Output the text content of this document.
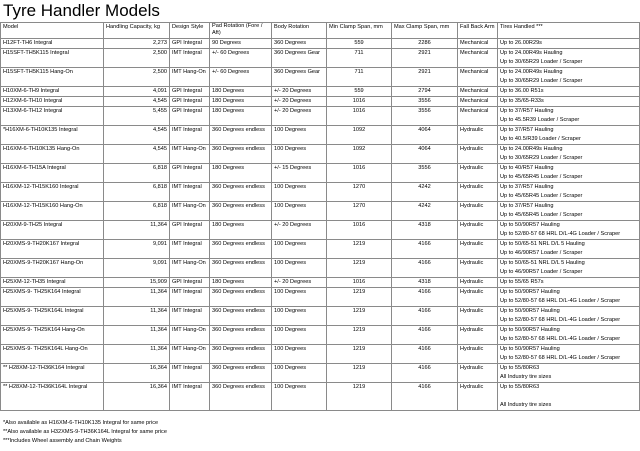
Tyre Handler Models
Model	Handling Capacity, kg	Design Style	Pad Rotation (Fore / Aft)	Body Rotation	Min Clamp Span, mm	Max Clamp Span, mm	Fall Back Arm	Tires Handled ***
H12FT-TH6 Integral	2,273	GPI Integral	90 Degrees	360 Degrees	559	2286	Mechanical	Up to 26.00R29s

H15SFT-TH5K115 Integral	2,500	IMT Integral	+/- 60 Degrees	360 Degrees Gear	711	2921	Mechanical	Up to 24.00R49s Hauling
Up to 30/65R29 Loader / Scraper

H15SFT-TH5K115 Hang-On	2,500	IMT Hang-On	+/- 60 Degrees	360 Degrees Gear	711	2921	Mechanical	Up to 24.00R49s Hauling
Up to 30/65R29 Loader / Scraper

H10XM-6-TH9 Integral	4,091	GPI Integral	180 Degrees	+/- 20 Degrees	559	2794	Mechanical	Up to 36.00 R51s

H12XM-6-TH10 Integral	4,545	GPI Integral	180 Degrees	+/- 20 Degrees	1016	3556	Mechanical	Up to 35/65-R33s

H13XM-6-TH12 Integral	5,455	GPI Integral	180 Degrees	+/- 20 Degrees	1016	3556	Mechanical	Up to 37/R57 Hauling
Up to 45.5R39 Loader / Scraper

*H16XM-6-TH10K135 Integral	4,545	IMT Integral	360 Degrees endless	100 Degrees	1092	4064	Hydraulic	Up to 37/R57 Hauling
Up to 40.5/R39 Loader / Scraper

H16XM-6-TH10K135 Hang-On	4,545	IMT Hang-On	360 Degrees endless	100 Degrees	1092	4064	Hydraulic	Up to 24.00R49s Hauling
Up to 30/65R29 Loader / Scraper

H16XM-6-TH15A Integral	6,818	GPI Integral	180 Degrees	+/- 15 Degrees	1016	3556	Hydraulic	Up to 40/R57 Hauling
Up to 45/65R45 Loader / Scraper

H16XM-12-TH15K160 Integral	6,818	IMT Integral	360 Degrees endless	100 Degrees	1270	4242	Hydraulic	Up to 37/R57 Hauling
Up to 45/65R45 Loader / Scraper

H16XM-12-TH15K160 Hang-On	6,818	IMT Hang-On	360 Degrees endless	100 Degrees	1270	4242	Hydraulic	Up to 37/R57 Hauling
Up to 45/65R45 Loader / Scraper

H20XM-9-TH25 Integral	11,364	GPI Integral	180 Degrees	+/- 20 Degrees	1016	4318	Hydraulic	Up to 50/90R57 Hauling
Up to 52/80-57 68 HRL D/L-4G Loader / Scraper

H20XMS-9-TH20K167 Integral	9,091	IMT Integral	360 Degrees endless	100 Degrees	1219	4166	Hydraulic	Up to 50/65-51 NRL D/L 5 Hauling
Up to 46/90R57 Loader / Scraper

H20XMS-9-TH20K167 Hang-On	9,091	IMT Hang-On	360 Degrees endless	100 Degrees	1219	4166	Hydraulic	Up to 50/65-51 NRL D/L 5 Hauling
Up to 46/90R57 Loader / Scraper

H25XM-12-TH35 Integral	15,909	GPI Integral	180 Degrees	+/- 20 Degrees	1016	4318	Hydraulic	Up to 55/65 R57s

H25XMS-9- TH25K164 Integral	11,364	IMT Integral	360 Degrees endless	100 Degrees	1219	4166	Hydraulic	Up to 50/90R57 Hauling
Up to 52/80-57 68 HRL D/L-4G Loader / Scraper

H25XMS-9- TH25K164L Integral	11,364	IMT Integral	360 Degrees endless	100 Degrees	1219	4166	Hydraulic	Up to 50/90R57 Hauling
Up to 52/80-57 68 HRL D/L-4G Loader / Scraper

H25XMS-9- TH25K164 Hang-On	11,364	IMT Hang-On	360 Degrees endless	100 Degrees	1219	4166	Hydraulic	Up to 50/90R57 Hauling
Up to 52/80-57 68 HRL D/L-4G Loader / Scraper

H25XMS-9- TH25K164L Hang-On	11,364	IMT Hang-On	360 Degrees endless	100 Degrees	1219	4166	Hydraulic	Up to 50/90R57 Hauling
Up to 52/80-57 68 HRL D/L-4G Loader / Scraper

** H28XM-12-TH36K164 Integral	16,364	IMT Integral	360 Degrees endless	100 Degrees	1219	4166	Hydraulic	Up to 55/80R63
All Industry tire sizes

** H28XM-12-TH36K164L Integral	16,364	IMT Integral	360 Degrees endless	100 Degrees	1219	4166	Hydraulic	Up to 55/80R63

All Industry tire sizes
*Also available as H16XM-6-TH10K135 Integral for same price
**Also available as H32XMS-9-TH36K164L Integral for same price
***Includes Wheel assembly and Chain Weights
